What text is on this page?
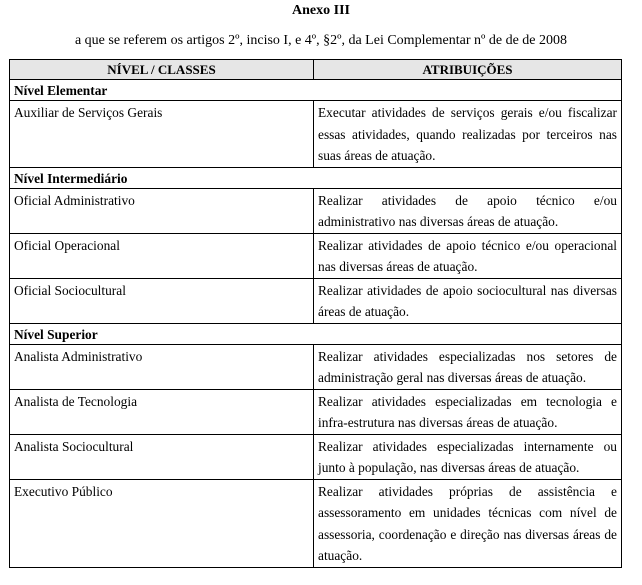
Anexo III
a que se referem os artigos 2º, inciso I, e 4º, §2º, da Lei Complementar nº de de de 2008
NÍVEL / CLASSES	ATRIBUIÇÕES
Nível Elementar	
Auxiliar de Serviços Gerais	Executar atividades de serviços gerais e/ou fiscalizar essas atividades, quando realizadas por terceiros nas suas áreas de atuação.
Nível Intermediário	
Oficial Administrativo	Realizar atividades de apoio técnico e/ou administrativo nas diversas áreas de atuação.
Oficial Operacional	Realizar atividades de apoio técnico e/ou operacional nas diversas áreas de atuação.
Oficial Sociocultural	Realizar atividades de apoio sociocultural nas diversas áreas de atuação.
Nível Superior	
Analista Administrativo	Realizar atividades especializadas nos setores de administração geral nas diversas áreas de atuação.
Analista de Tecnologia	Realizar atividades especializadas em tecnologia e infra-estrutura nas diversas áreas de atuação.
Analista Sociocultural	Realizar atividades especializadas internamente ou junto à população, nas diversas áreas de atuação.
Executivo Público	Realizar atividades próprias de assistência e assessoramento em unidades técnicas com nível de assessoria, coordenação e direção nas diversas áreas de atuação.
